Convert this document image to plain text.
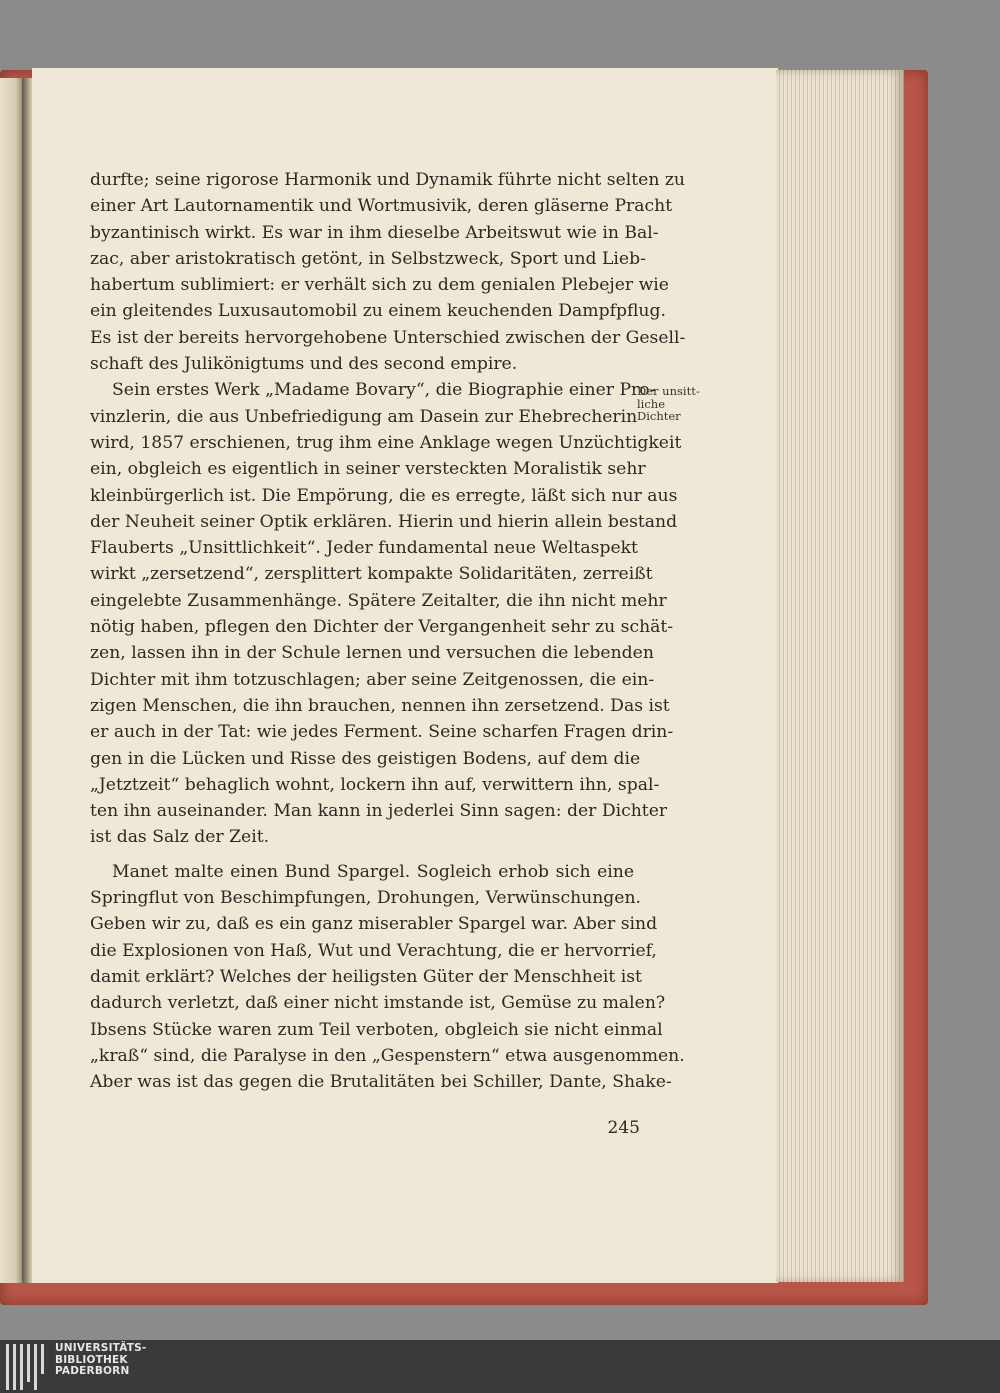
durfte; seine rigorose Harmonik und Dynamik führte nicht selten zu
einer Art Lautornamentik und Wortmusivik, deren gläserne Pracht
byzantinisch wirkt. Es war in ihm dieselbe Arbeitswut wie in Bal-
zac, aber aristokratisch getönt, in Selbstzweck, Sport und Lieb-
habertum sublimiert: er verhält sich zu dem genialen Plebejer wie
ein gleitendes Luxusautomobil zu einem keuchenden Dampfpflug.
Es ist der bereits hervorgehobene Unterschied zwischen der Gesell-
schaft des Julikönigtums und des second empire.
Sein erstes Werk „Madame Bovary“, die Biographie einer Pro-
vinzlerin, die aus Unbefriedigung am Dasein zur Ehebrecherin
wird, 1857 erschienen, trug ihm eine Anklage wegen Unzüchtigkeit
ein, obgleich es eigentlich in seiner versteckten Moralistik sehr
kleinbürgerlich ist. Die Empörung, die es erregte, läßt sich nur aus
der Neuheit seiner Optik erklären. Hierin und hierin allein bestand
Flauberts „Unsittlichkeit“. Jeder fundamental neue Weltaspekt
wirkt „zersetzend“, zersplittert kompakte Solidaritäten, zerreißt
eingelebte Zusammenhänge. Spätere Zeitalter, die ihn nicht mehr
nötig haben, pflegen den Dichter der Vergangenheit sehr zu schät-
zen, lassen ihn in der Schule lernen und versuchen die lebenden
Dichter mit ihm totzuschlagen; aber seine Zeitgenossen, die ein-
zigen Menschen, die ihn brauchen, nennen ihn zersetzend. Das ist
er auch in der Tat: wie jedes Ferment. Seine scharfen Fragen drin-
gen in die Lücken und Risse des geistigen Bodens, auf dem die
„Jetztzeit“ behaglich wohnt, lockern ihn auf, verwittern ihn, spal-
ten ihn auseinander. Man kann in jederlei Sinn sagen: der Dichter
ist das Salz der Zeit.
Manet malte einen Bund Spargel. Sogleich erhob sich eine
Springflut von Beschimpfungen, Drohungen, Verwünschungen.
Geben wir zu, daß es ein ganz miserabler Spargel war. Aber sind
die Explosionen von Haß, Wut und Verachtung, die er hervorrief,
damit erklärt? Welches der heiligsten Güter der Menschheit ist
dadurch verletzt, daß einer nicht imstande ist, Gemüse zu malen?
Ibsens Stücke waren zum Teil verboten, obgleich sie nicht einmal
„kraß“ sind, die Paralyse in den „Gespenstern“ etwa ausgenommen.
Aber was ist das gegen die Brutalitäten bei Schiller, Dante, Shake-
Der unsitt-
liche
Dichter
245
UNIVERSITÄTS-
BIBLIOTHEK
PADERBORN
